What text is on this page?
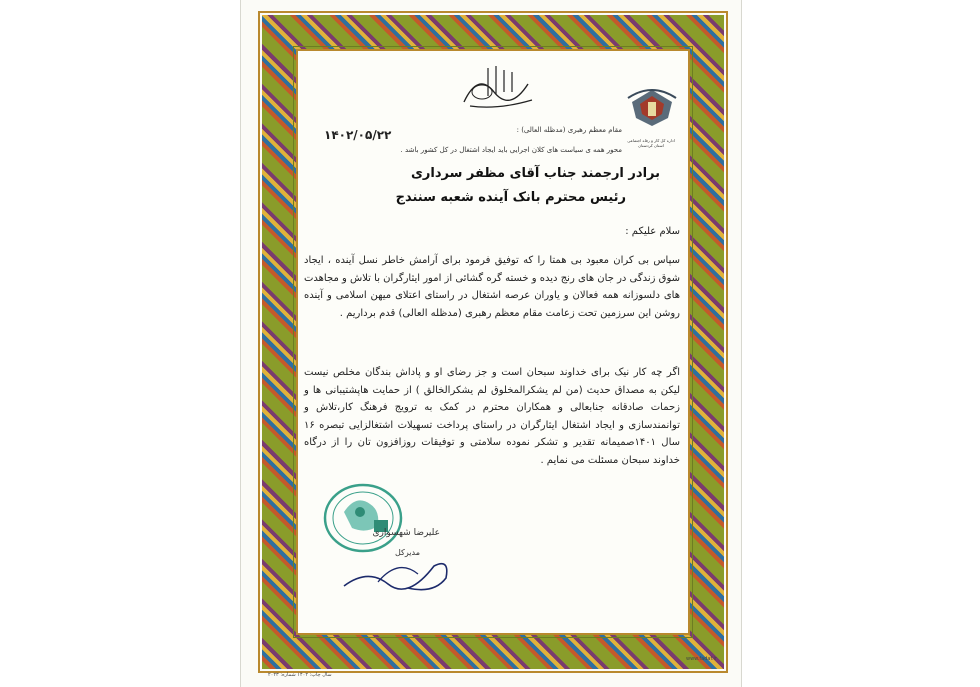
اداره کل کار و رفاه اجتماعی استان کردستان
مقام معظم رهبری (مدظله العالی) :
محور همه ی سیاست های کلان اجرایی باید ایجاد اشتغال در کل کشور باشد .
۱۴۰۲/۰۵/۲۲
برادر ارجمند جناب آقای مظفر سرداری
رئیس محترم بانک آینده شعبه سنندج
سلام علیکم :
سپاس بی کران معبود بی همتا را که توفیق فرمود برای آرامش خاطر نسل آینده ، ایجاد شوق زندگی در جان های رنج دیده و خسته گره گشائی از امور ایثارگران با تلاش و مجاهدت های دلسوزانه همه فعالان و یاوران عرصه اشتغال در راستای اعتلای میهن اسلامی و آینده روشن این سرزمین تحت زعامت مقام معظم رهبری (مدظله العالی) قدم برداریم .
اگر چه کار نیک برای خداوند سبحان است و جز رضای او و پاداش بندگان مخلص نیست لیکن به مصداق حدیث (من لم یشکرالمخلوق لم یشکرالخالق ) از حمایت هاپشتیبانی ها و زحمات صادقانه جنابعالی و همکاران محترم در کمک به ترویج فرهنگ کار،تلاش و توانمندسازی و ایجاد اشتغال ایثارگران در راستای پرداخت تسهیلات اشتغالزایی تبصره ۱۶ سال ۱۴۰۱صمیمانه تقدیر و تشکر نموده سلامتی و توفیقات روزافزون تان را از درگاه خداوند سبحان مسئلت می نمایم .
علیرضا شهسواری
مدیرکل
www.fadaf.ir
سال چاپ: ۱۴۰۲ شماره: ۲۰۲۳
